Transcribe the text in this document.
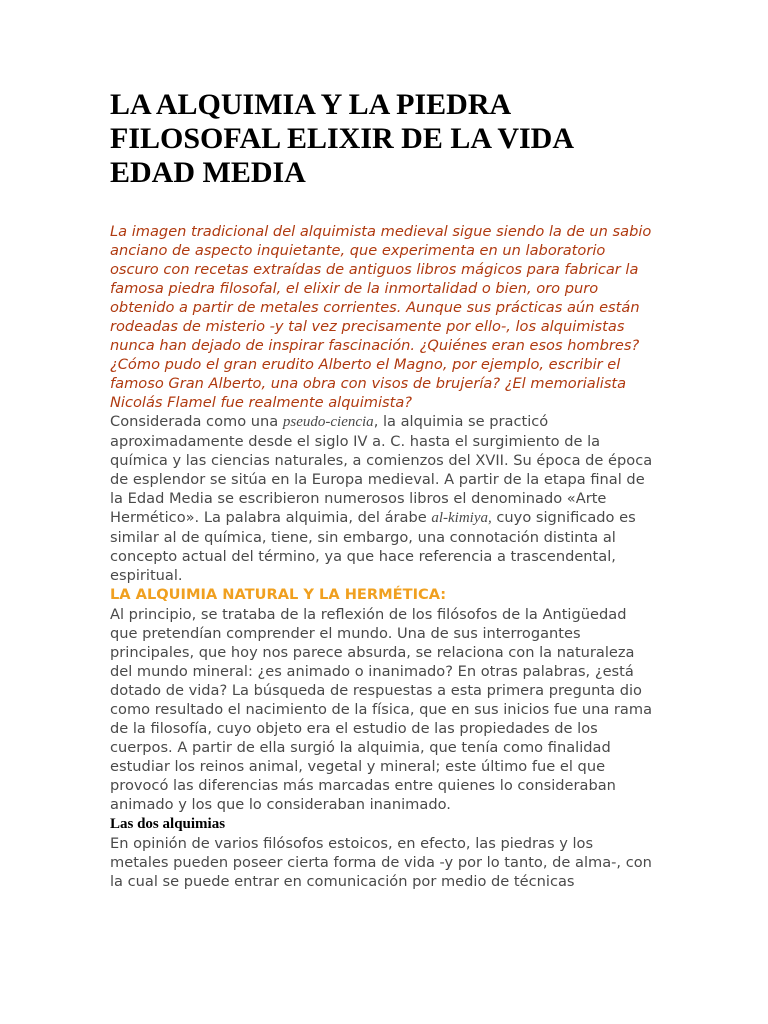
LA ALQUIMIA Y LA PIEDRA FILOSOFAL ELIXIR DE LA VIDA EDAD MEDIA

La imagen tradicional del alquimista medieval sigue siendo la de un sabio anciano de aspecto inquietante, que experimenta en un laboratorio oscuro con recetas extraídas de antiguos libros mágicos para fabricar la famosa piedra filosofal, el elixir de la inmortalidad o bien, oro puro obtenido a partir de metales corrientes. Aunque sus prácticas aún están rodeadas de misterio -y tal vez precisamente por ello-, los alquimistas nunca han dejado de inspirar fascinación. ¿Quiénes eran esos hombres? ¿Cómo pudo el gran erudito Alberto el Magno, por ejemplo, escribir el famoso Gran Alberto, una obra con visos de brujería? ¿El memorialista Nicolás Flamel fue realmente alquimista?

Considerada como una pseudo-ciencia, la alquimia se practicó aproximadamente desde el siglo IV a. C. hasta el surgimiento de la química y las ciencias naturales, a comienzos del XVII. Su época de época de esplendor se sitúa en la Europa medieval. A partir de la etapa final de la Edad Media se escribieron numerosos libros el denominado «Arte Hermético». La palabra alquimia, del árabe al-kimiya, cuyo significado es similar al de química, tiene, sin embargo, una connotación distinta al concepto actual del término, ya que hace referencia a trascendental, espiritual.

LA ALQUIMIA NATURAL Y LA HERMÉTICA:

Al principio, se trataba de la reflexión de los filósofos de la Antigüedad que pretendían comprender el mundo. Una de sus interrogantes principales, que hoy nos parece absurda, se relaciona con la naturaleza del mundo mineral: ¿es animado o inanimado? En otras palabras, ¿está dotado de vida? La búsqueda de respuestas a esta primera pregunta dio como resultado el nacimiento de la física, que en sus inicios fue una rama de la filosofía, cuyo objeto era el estudio de las propiedades de los cuerpos. A partir de ella surgió la alquimia, que tenía como finalidad estudiar los reinos animal, vegetal y mineral; este último fue el que provocó las diferencias más marcadas entre quienes lo consideraban animado y los que lo consideraban inanimado.

Las dos alquimias

En opinión de varios filósofos estoicos, en efecto, las piedras y los metales pueden poseer cierta forma de vida -y por lo tanto, de alma-, con la cual se puede entrar en comunicación por medio de técnicas
